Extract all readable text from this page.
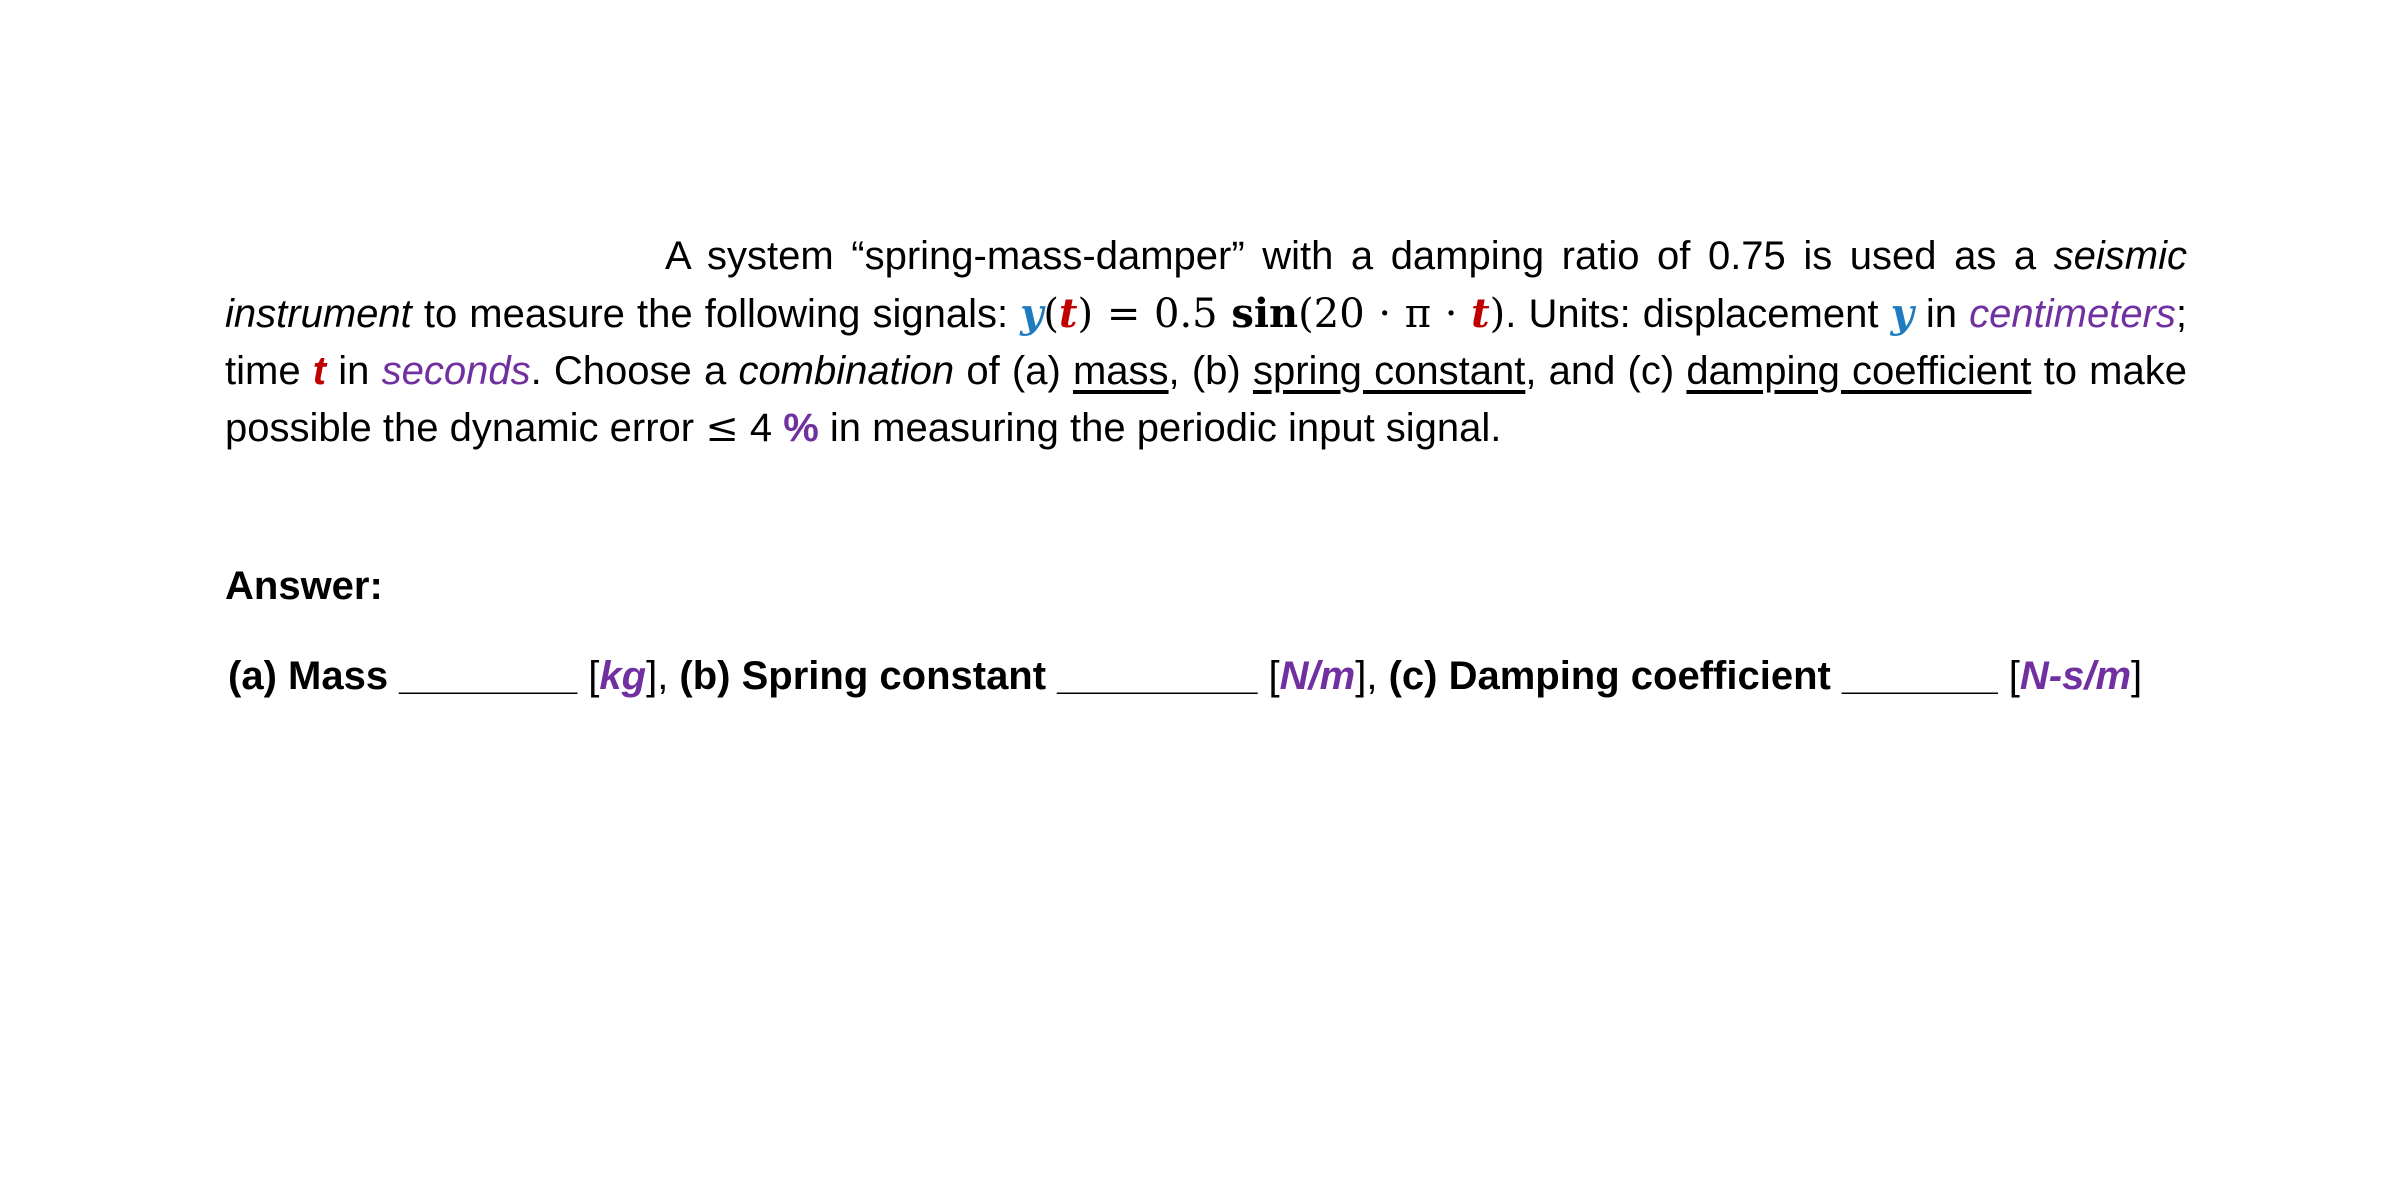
A system “spring-mass-damper” with a damping ratio of 0.75 is used as a seismic instrument to measure the following signals: y(t) = 0.5 sin(20 · π · t). Units: displacement y in centimeters; time t in seconds. Choose a combination of (a) mass, (b) spring constant, and (c) damping coefficient to make possible the dynamic error ≤ 4 % in measuring the periodic input signal.
Answer:
(a) Mass ________ [kg], (b) Spring constant _________ [N/m], (c) Damping coefficient _______ [N-s/m]
